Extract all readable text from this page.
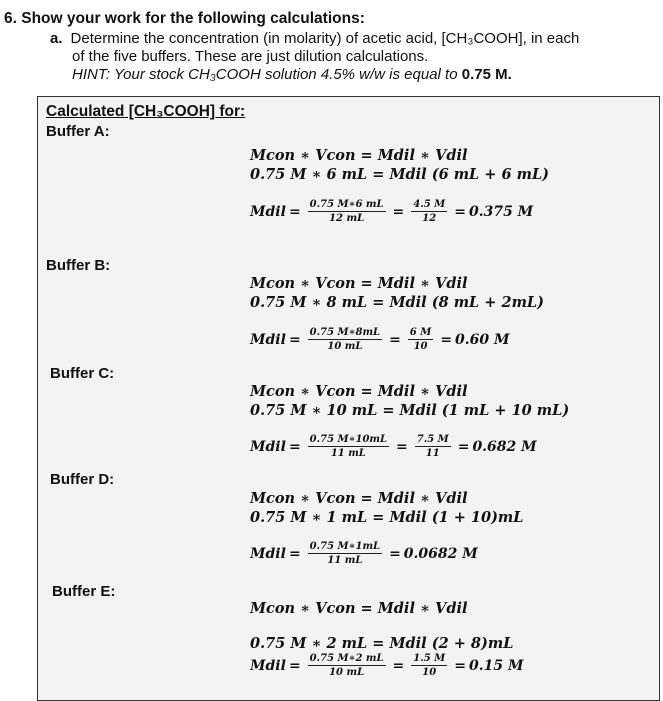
6. Show your work for the following calculations:
a. Determine the concentration (in molarity) of acetic acid, [CH₃COOH], in each
of the five buffers. These are just dilution calculations.
HINT: Your stock CH₃COOH solution 4.5% w/w is equal to 0.75 M.
Calculated [CH₃COOH] for:
Buffer A:
Mcon ∗ Vcon = Mdil ∗ Vdil
0.75 M ∗ 6 mL = Mdil (6 mL + 6 mL)
Mdil = $\frac{0.75 M∗6 mL}{12 mL} = \frac{4.5 M}{12} = 0.375$ M
Buffer B:
Mcon ∗ Vcon = Mdil ∗ Vdil
0.75 M ∗ 8 mL = Mdil (8 mL + 2mL)
Mdil = $\frac{0.75 M∗8mL}{10 mL} = \frac{6 M}{10} = 0.60$ M
Buffer C:
Mcon ∗ Vcon = Mdil ∗ Vdil
0.75 M ∗ 10 mL = Mdil (1 mL + 10 mL)
Mdil = $\frac{0.75 M∗10mL}{11 mL} = \frac{7.5 M}{11} = 0.682$ M
Buffer D:
Mcon ∗ Vcon = Mdil ∗ Vdil
0.75 M ∗ 1 mL = Mdil (1 + 10)mL
Mdil = $\frac{0.75 M∗1mL}{11 mL} = 0.0682$ M
Buffer E:
Mcon ∗ Vcon = Mdil ∗ Vdil
0.75 M ∗ 2 mL = Mdil (2 + 8)mL
Mdil = $\frac{0.75 M∗2 mL}{10 mL} = \frac{1.5 M}{10} = 0.15$ M
